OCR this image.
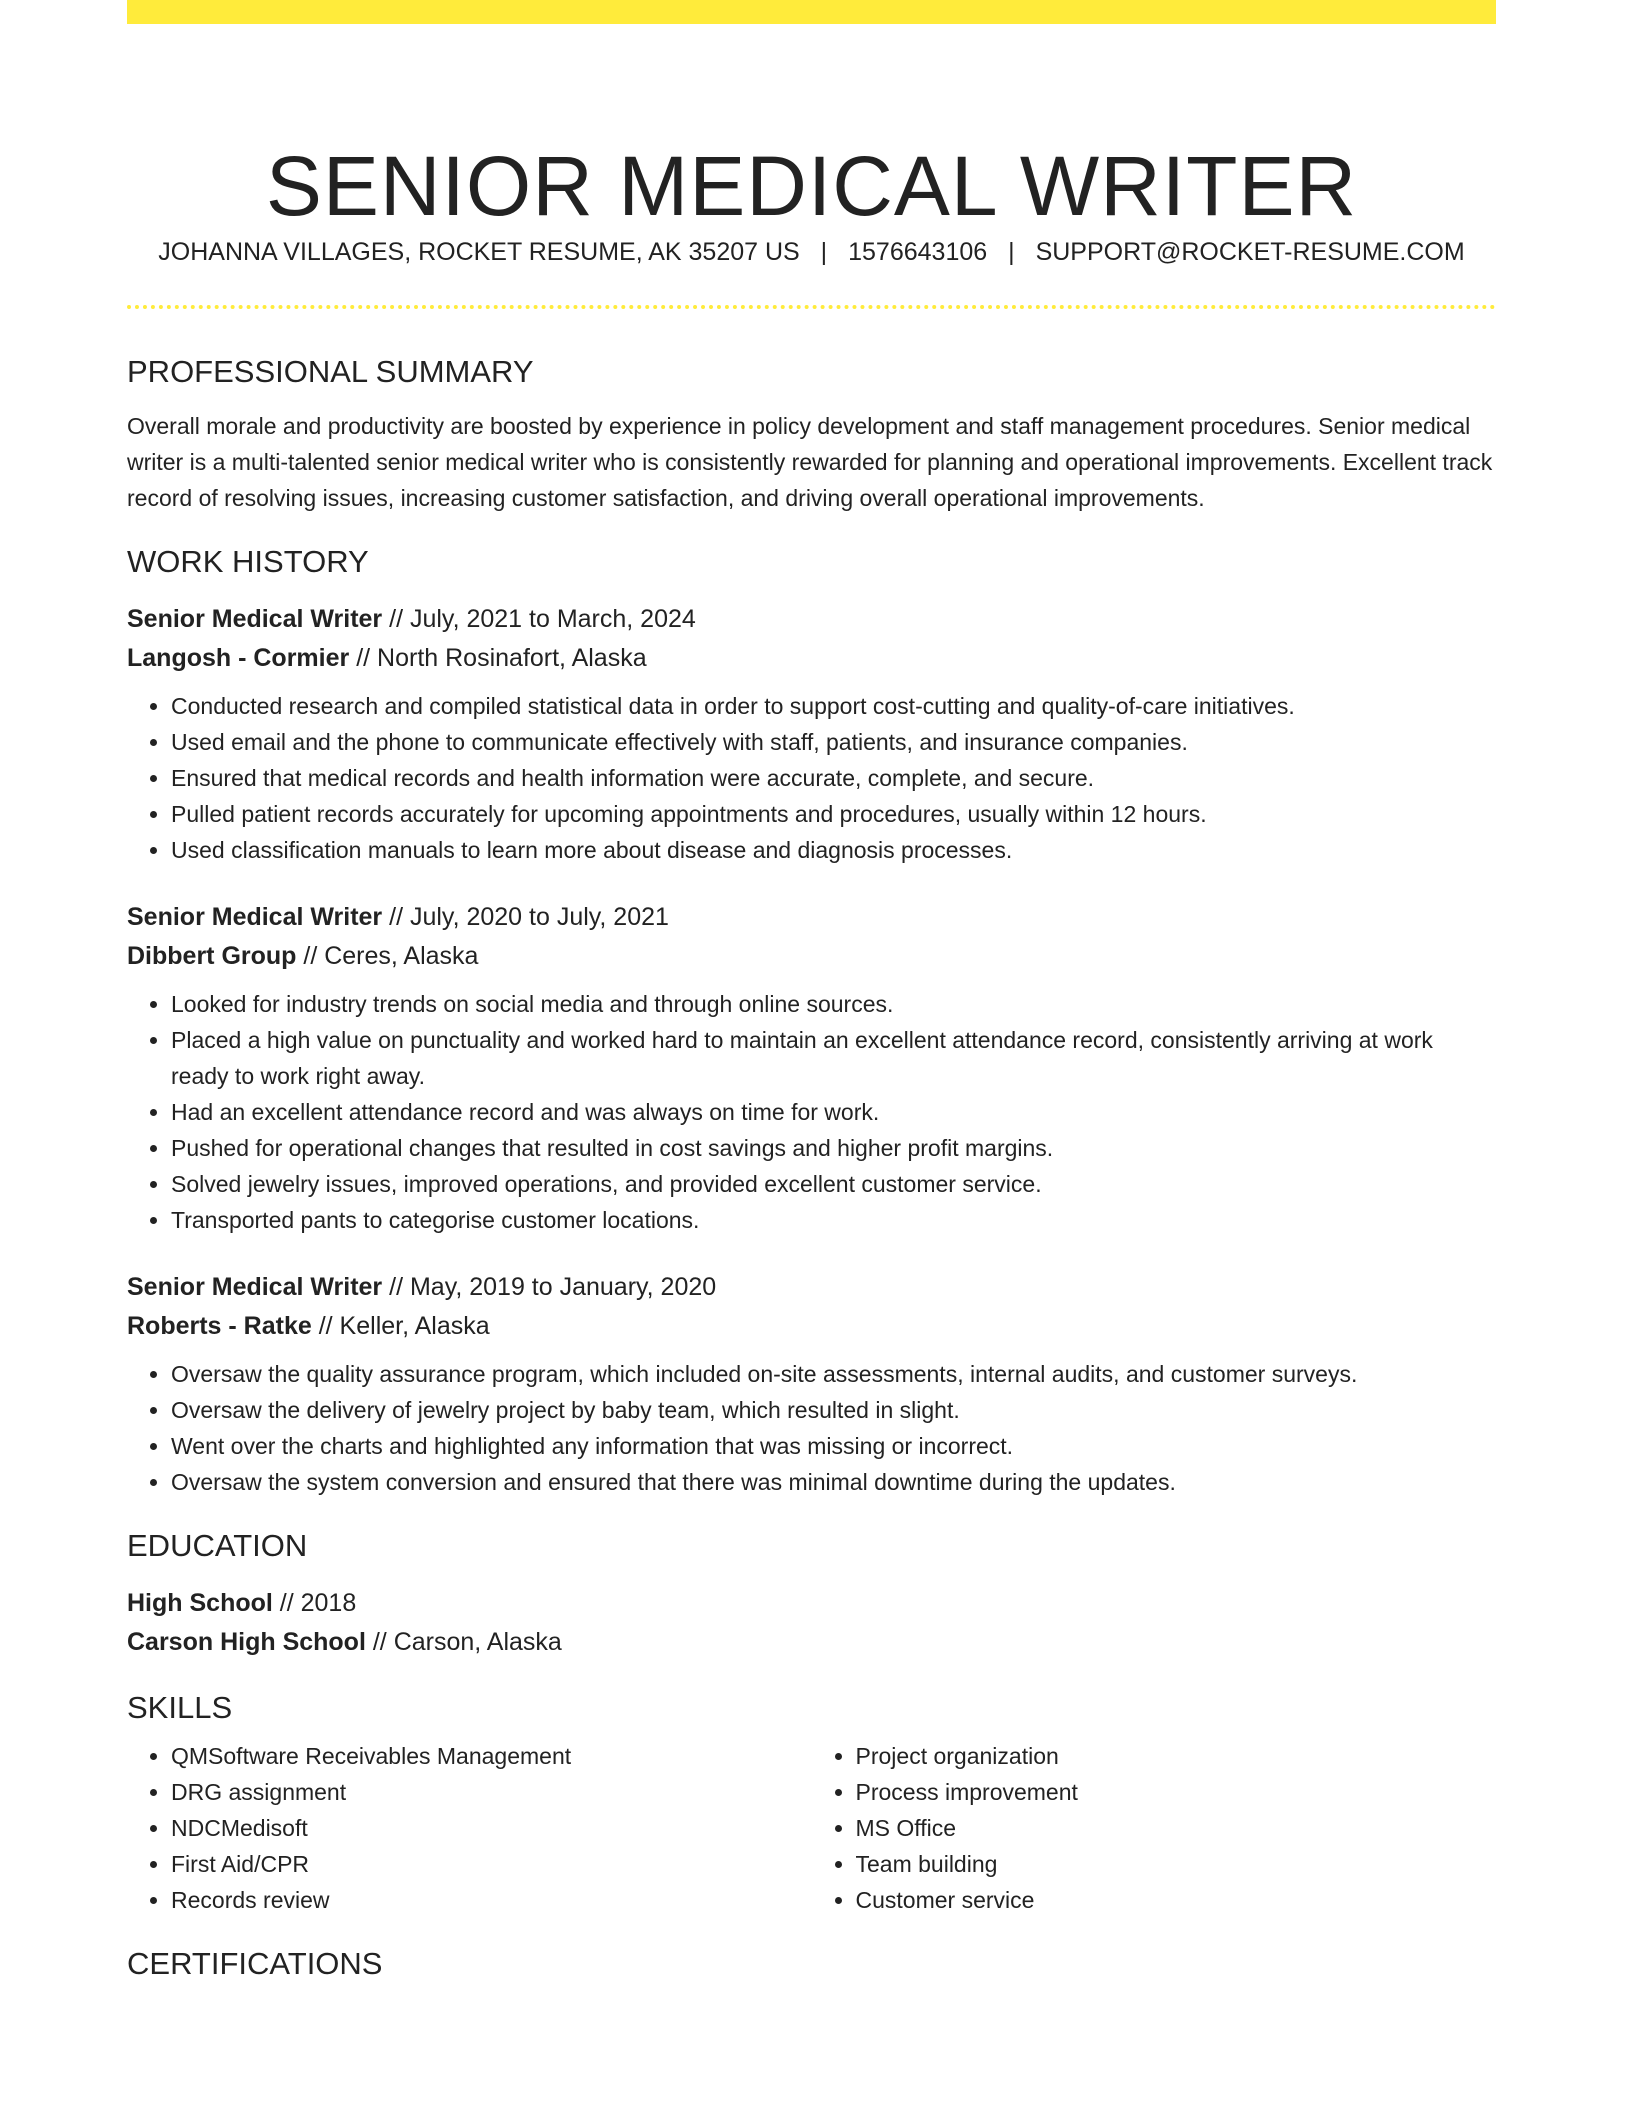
SENIOR MEDICAL WRITER
JOHANNA VILLAGES, ROCKET RESUME, AK 35207 US | 1576643106 | SUPPORT@ROCKET-RESUME.COM
PROFESSIONAL SUMMARY

Overall morale and productivity are boosted by experience in policy development and staff management procedures. Senior medical writer is a multi-talented senior medical writer who is consistently rewarded for planning and operational improvements. Excellent track record of resolving issues, increasing customer satisfaction, and driving overall operational improvements.

WORK HISTORY

Senior Medical Writer // July, 2021 to March, 2024

Langosh - Cormier // North Rosinafort, Alaska

• Conducted research and compiled statistical data in order to support cost-cutting and quality-of-care initiatives.
• Used email and the phone to communicate effectively with staff, patients, and insurance companies.
• Ensured that medical records and health information were accurate, complete, and secure.
• Pulled patient records accurately for upcoming appointments and procedures, usually within 12 hours.
• Used classification manuals to learn more about disease and diagnosis processes.

Senior Medical Writer // July, 2020 to July, 2021

Dibbert Group // Ceres, Alaska

• Looked for industry trends on social media and through online sources.
• Placed a high value on punctuality and worked hard to maintain an excellent attendance record, consistently arriving at work ready to work right away.
• Had an excellent attendance record and was always on time for work.
• Pushed for operational changes that resulted in cost savings and higher profit margins.
• Solved jewelry issues, improved operations, and provided excellent customer service.
• Transported pants to categorise customer locations.

Senior Medical Writer // May, 2019 to January, 2020

Roberts - Ratke // Keller, Alaska

• Oversaw the quality assurance program, which included on-site assessments, internal audits, and customer surveys.
• Oversaw the delivery of jewelry project by baby team, which resulted in slight.
• Went over the charts and highlighted any information that was missing or incorrect.
• Oversaw the system conversion and ensured that there was minimal downtime during the updates.
EDUCATION

High School // 2018

Carson High School // Carson, Alaska

SKILLS
• QMSoftware Receivables Management
• DRG assignment
• NDCMedisoft
• First Aid/CPR
• Records review
• Project organization
• Process improvement
• MS Office
• Team building
• Customer service
CERTIFICATIONS
